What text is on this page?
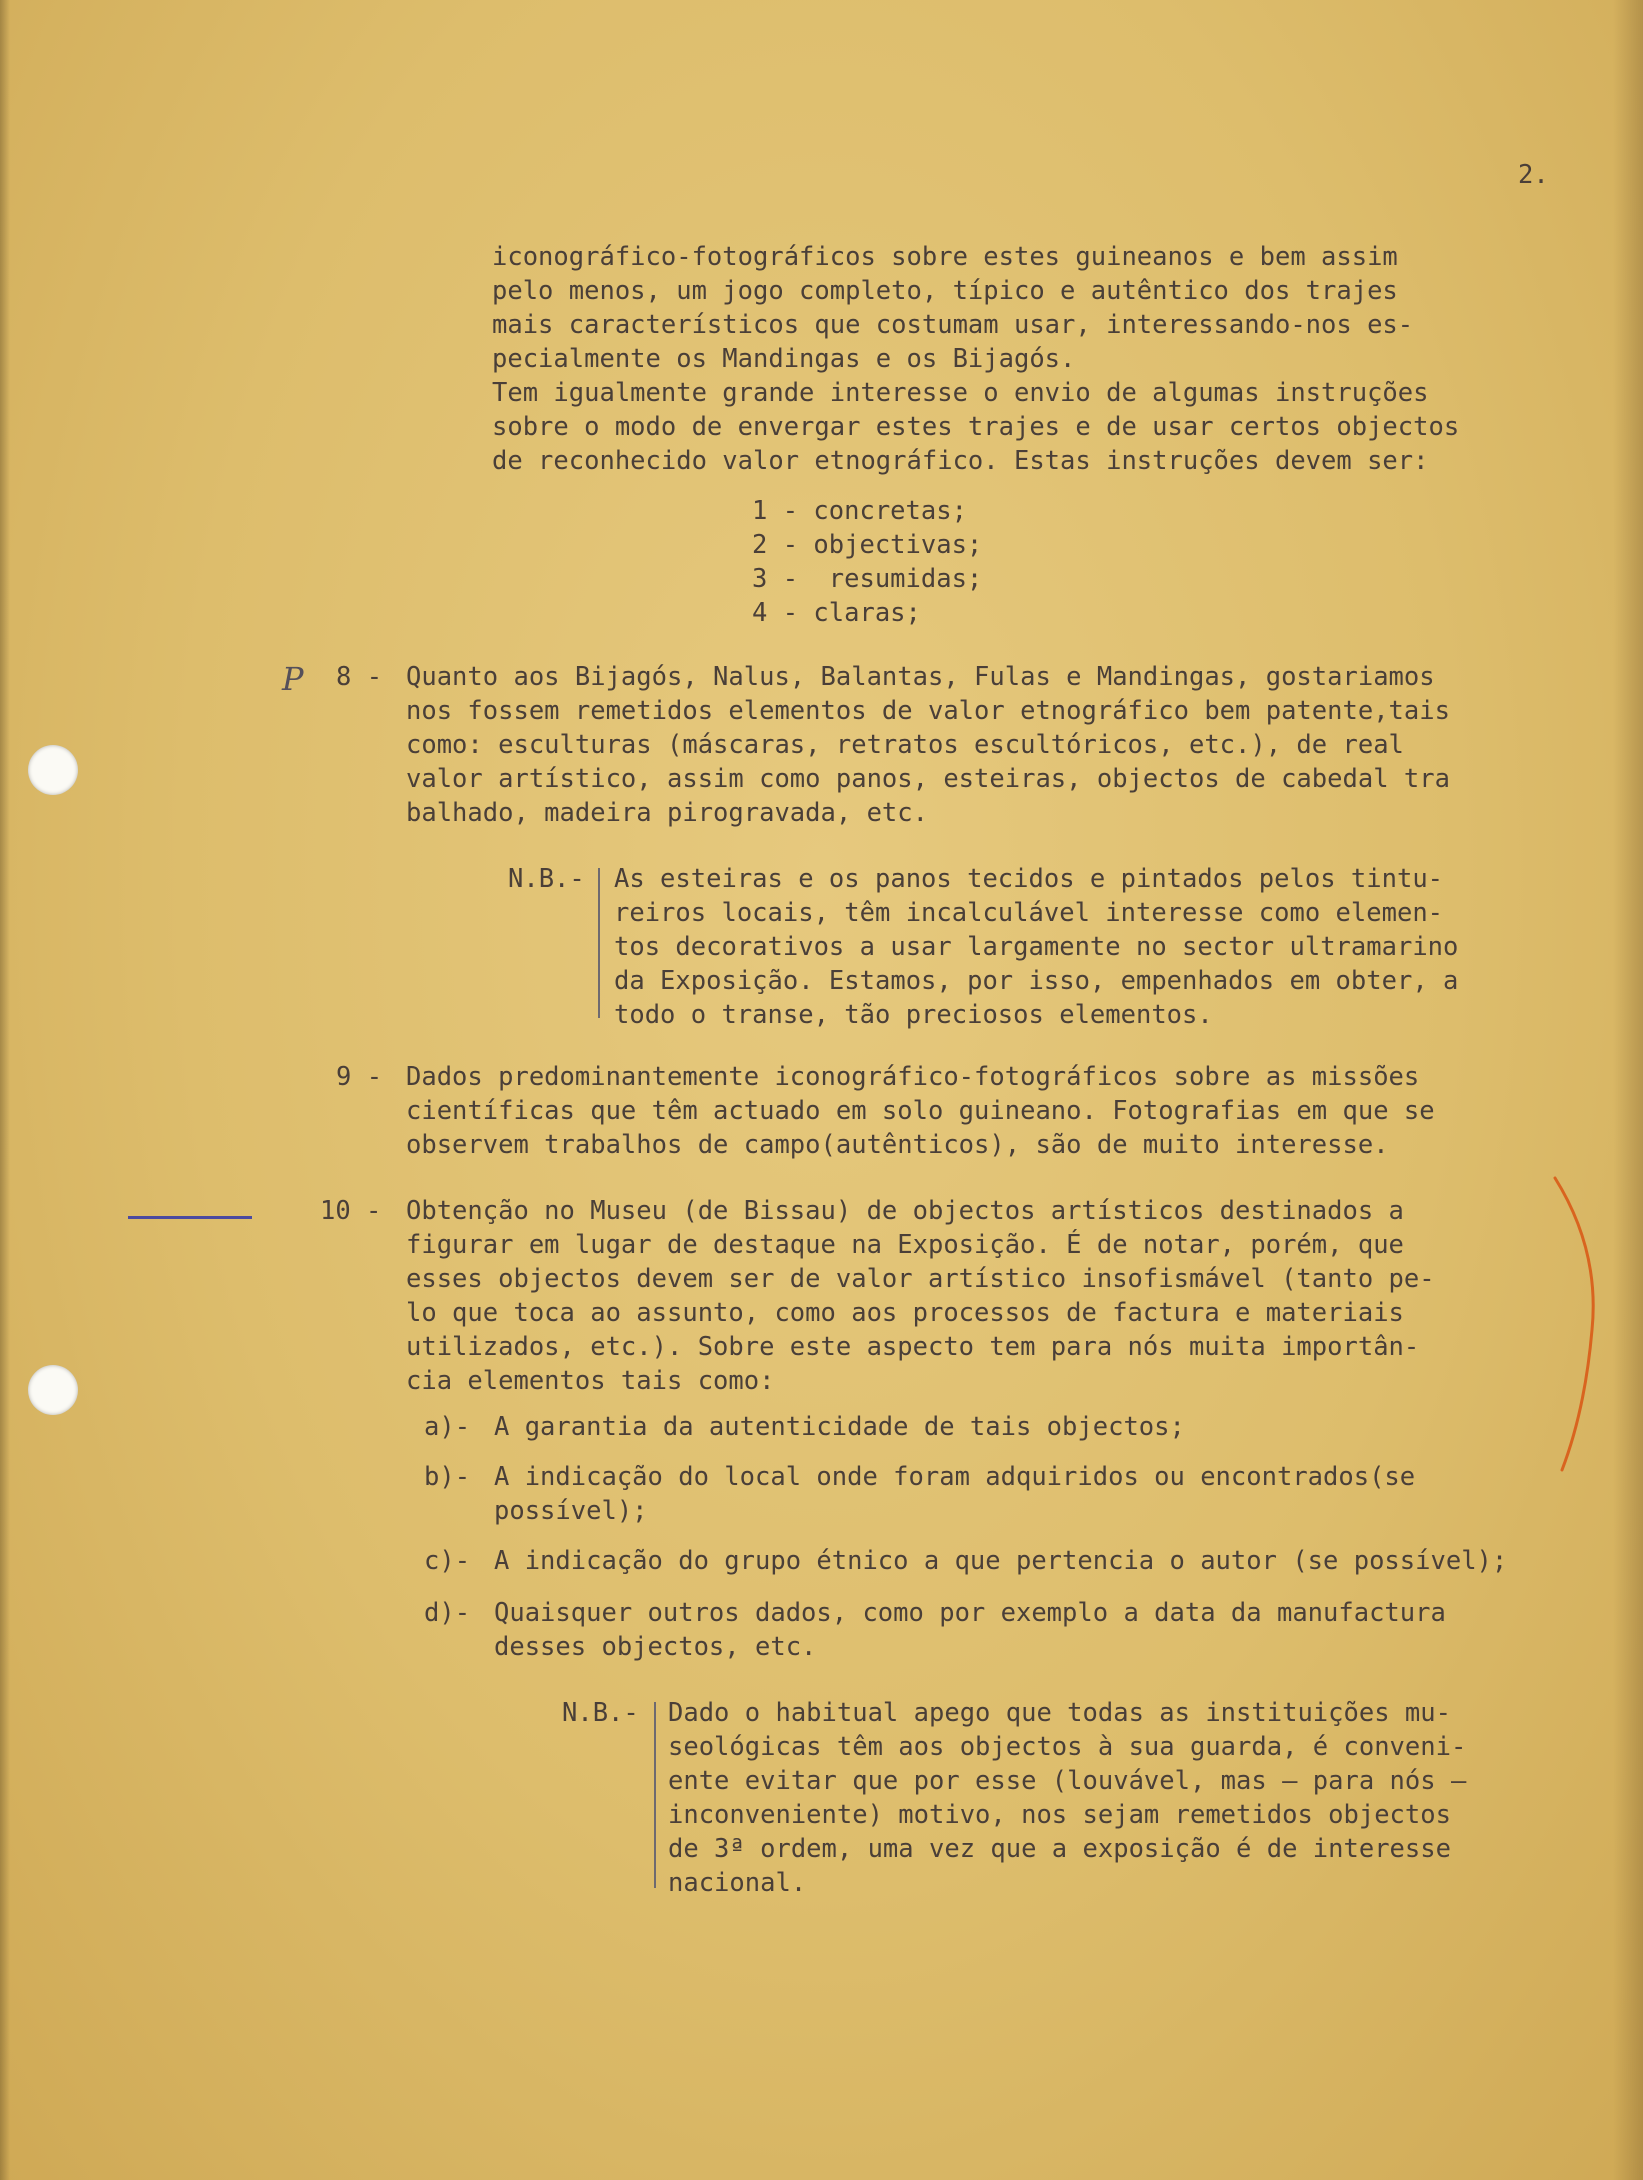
2.
iconográfico-fotográficos sobre estes guineanos e bem assim
pelo menos, um jogo completo, típico e autêntico dos trajes
mais característicos que costumam usar, interessando-nos es-
pecialmente os Mandingas e os Bijagós.
Tem igualmente grande interesse o envio de algumas instruções
sobre o modo de envergar estes trajes e de usar certos objectos
de reconhecido valor etnográfico. Estas instruções devem ser:
1 - concretas;
2 - objectivas;
3 -  resumidas;
4 - claras;
P 8 - Quanto aos Bijagós, Nalus, Balantas, Fulas e Mandingas, gostariamos
nos fossem remetidos elementos de valor etnográfico bem patente,tais
como: esculturas (máscaras, retratos escultóricos, etc.), de real
valor artístico, assim como panos, esteiras, objectos de cabedal tra
balhado, madeira pirogravada, etc.
N.B.- As esteiras e os panos tecidos e pintados pelos tintu-
reiros locais, têm incalculável interesse como elemen-
tos decorativos a usar largamente no sector ultramarino
da Exposição. Estamos, por isso, empenhados em obter, a
todo o transe, tão preciosos elementos.
9 - Dados predominantemente iconográfico-fotográficos sobre as missões
científicas que têm actuado em solo guineano. Fotografias em que se
observem trabalhos de campo(autênticos), são de muito interesse.
10 - Obtenção no Museu (de Bissau) de objectos artísticos destinados a
figurar em lugar de destaque na Exposição. É de notar, porém, que
esses objectos devem ser de valor artístico insofismável (tanto pe-
lo que toca ao assunto, como aos processos de factura e materiais
utilizados, etc.). Sobre este aspecto tem para nós muita importân-
cia elementos tais como:
a)- A garantia da autenticidade de tais objectos;
b)- A indicação do local onde foram adquiridos ou encontrados(se
possível);
c)- A indicação do grupo étnico a que pertencia o autor (se possível);
d)- Quaisquer outros dados, como por exemplo a data da manufactura
desses objectos, etc.
N.B.- Dado o habitual apego que todas as instituições mu-
seológicas têm aos objectos à sua guarda, é conveni-
ente evitar que por esse (louvável, mas — para nós —
inconveniente) motivo, nos sejam remetidos objectos
de 3ª ordem, uma vez que a exposição é de interesse
nacional.
